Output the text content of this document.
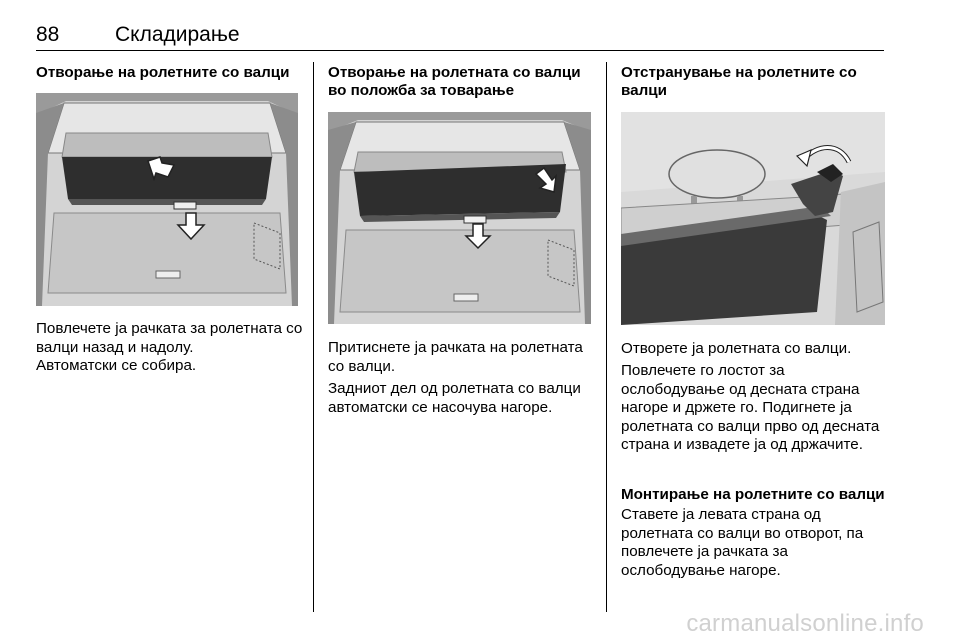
88	Складирање
Отворање на ролетните со валци
Повлечете ја рачката за ролетната со валци назад и надолу.
Автоматски се собира.
Отворање на ролетната со валци во положба за товарање
Притиснете ја рачката на ролетната со валци.
Задниот дел од ролетната со валци автоматски се насочува нагоре.
Отстранување на ролетните со валци
Отворете ја ролетната со валци.
Повлечете го лостот за ослободување од десната страна нагоре и држете го. Подигнете ја ролетната со валци прво од десната страна и извадете ја од држачите.
Монтирање на ролетните со валци
Ставете ја левата страна од ролетната со валци во отворот, па повлечете ја рачката за ослободување нагоре.
carmanualsonline.info
